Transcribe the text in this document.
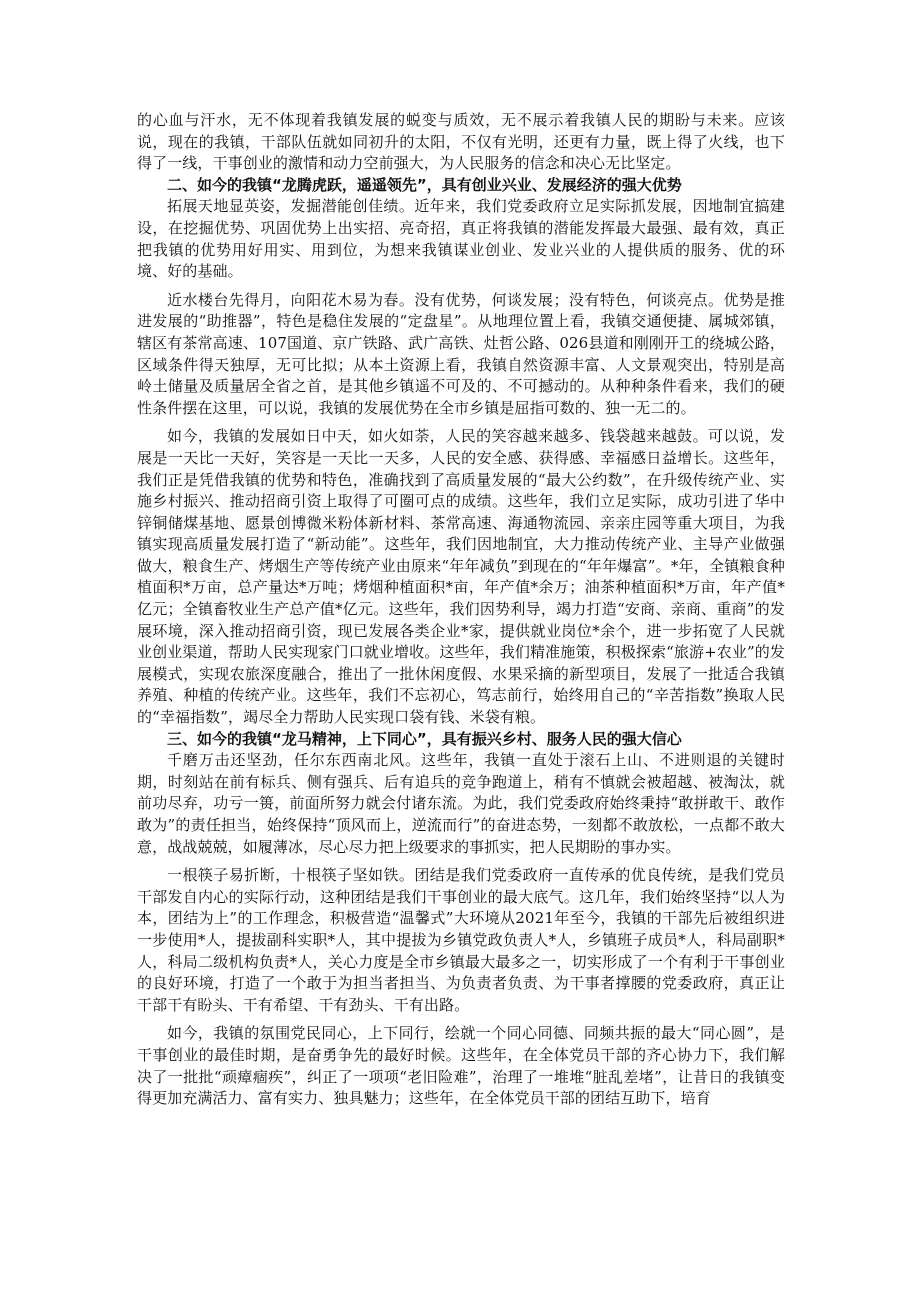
的心血与汗水，无不体现着我镇发展的蜕变与质效，无不展示着我镇人民的期盼与未来。应该说，现在的我镇，干部队伍就如同初升的太阳，不仅有光明，还更有力量，既上得了火线，也下得了一线，干事创业的激情和动力空前强大，为人民服务的信念和决心无比坚定。

二、如今的我镇“龙腾虎跃，遥遥领先”，具有创业兴业、发展经济的强大优势

拓展天地显英姿，发掘潜能创佳绩。近年来，我们党委政府立足实际抓发展，因地制宜搞建设，在挖掘优势、巩固优势上出实招、亮奇招，真正将我镇的潜能发挥最大最强、最有效，真正把我镇的优势用好用实、用到位，为想来我镇谋业创业、发业兴业的人提供质的服务、优的环境、好的基础。

近水楼台先得月，向阳花木易为春。没有优势，何谈发展；没有特色，何谈亮点。优势是推进发展的“助推器”，特色是稳住发展的“定盘星”。从地理位置上看，我镇交通便捷、属城郊镇，辖区有茶常高速、107国道、京广铁路、武广高铁、灶哲公路、026县道和刚刚开工的绕城公路，区域条件得天独厚，无可比拟；从本土资源上看，我镇自然资源丰富、人文景观突出，特别是高岭土储量及质量居全省之首，是其他乡镇遥不可及的、不可撼动的。从种种条件看来，我们的硬性条件摆在这里，可以说，我镇的发展优势在全市乡镇是屈指可数的、独一无二的。

如今，我镇的发展如日中天，如火如荼，人民的笑容越来越多、钱袋越来越鼓。可以说，发展是一天比一天好，笑容是一天比一天多，人民的安全感、获得感、幸福感日益增长。这些年，我们正是凭借我镇的优势和特色，准确找到了高质量发展的“最大公约数”，在升级传统产业、实施乡村振兴、推动招商引资上取得了可圈可点的成绩。这些年，我们立足实际，成功引进了华中锌铜储煤基地、愿景创博微米粉体新材料、茶常高速、海通物流园、亲亲庄园等重大项目，为我镇实现高质量发展打造了“新动能”。这些年，我们因地制宜，大力推动传统产业、主导产业做强做大，粮食生产、烤烟生产等传统产业由原来“年年减负”到现在的“年年爆富”。*年，全镇粮食种植面积*万亩，总产量达*万吨；烤烟种植面积*亩，年产值*余万；油茶种植面积*万亩，年产值*亿元；全镇畜牧业生产总产值*亿元。这些年，我们因势利导，竭力打造“安商、亲商、重商”的发展环境，深入推动招商引资，现已发展各类企业*家，提供就业岗位*余个，进一步拓宽了人民就业创业渠道，帮助人民实现家门口就业增收。这些年，我们精准施策，积极探索“旅游+农业”的发展模式，实现农旅深度融合，推出了一批休闲度假、水果采摘的新型项目，发展了一批适合我镇养殖、种植的传统产业。这些年，我们不忘初心，笃志前行，始终用自己的“辛苦指数”换取人民的“幸福指数”，竭尽全力帮助人民实现口袋有钱、米袋有粮。

三、如今的我镇“龙马精神，上下同心”，具有振兴乡村、服务人民的强大信心

千磨万击还坚劲，任尔东西南北风。这些年，我镇一直处于滚石上山、不进则退的关键时期，时刻站在前有标兵、侧有强兵、后有追兵的竞争跑道上，稍有不慎就会被超越、被淘汰，就前功尽弃，功亏一篑，前面所努力就会付诸东流。为此，我们党委政府始终秉持“敢拼敢干、敢作敢为”的责任担当，始终保持“顶风而上，逆流而行”的奋进态势，一刻都不敢放松，一点都不敢大意，战战兢兢，如履薄冰，尽心尽力把上级要求的事抓实，把人民期盼的事办实。

一根筷子易折断，十根筷子坚如铁。团结是我们党委政府一直传承的优良传统，是我们党员干部发自内心的实际行动，这种团结是我们干事创业的最大底气。这几年，我们始终坚持“以人为本，团结为上”的工作理念，积极营造“温馨式”大环境从2021年至今，我镇的干部先后被组织进一步使用*人，提拔副科实职*人，其中提拔为乡镇党政负责人*人，乡镇班子成员*人，科局副职*人，科局二级机构负责*人，关心力度是全市乡镇最大最多之一，切实形成了一个有利于干事创业的良好环境，打造了一个敢于为担当者担当、为负责者负责、为干事者撑腰的党委政府，真正让干部干有盼头、干有希望、干有劲头、干有出路。

如今，我镇的氛围党民同心，上下同行，绘就一个同心同德、同频共振的最大“同心圆”，是干事创业的最佳时期，是奋勇争先的最好时候。这些年，在全体党员干部的齐心协力下，我们解决了一批批“顽瘴痼疾”，纠正了一项项“老旧险难”，治理了一堆堆“脏乱差堵”，让昔日的我镇变得更加充满活力、富有实力、独具魅力；这些年，在全体党员干部的团结互助下，培育
